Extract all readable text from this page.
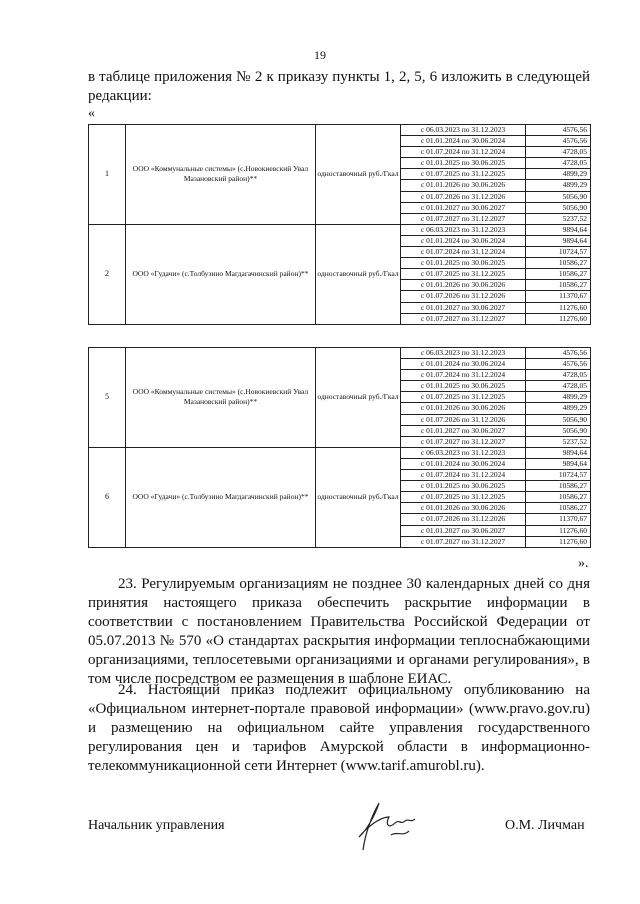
19
в таблице приложения № 2 к приказу пункты 1, 2, 5, 6 изложить в следующей редакции:
«
1	ООО «Коммунальные системы» (с.Новокиевский Увал Мазановский район)**	одноставочный руб./Гкал	с 06.03.2023 по 31.12.2023	4576,56
			с 01.01.2024 по 30.06.2024	4576,56
			с 01.07.2024 по 31.12.2024	4728,05
			с 01.01.2025 по 30.06.2025	4728,05
			с 01.07.2025 по 31.12.2025	4899,29
			с 01.01.2026 по 30.06.2026	4899,29
			с 01.07.2026 по 31.12.2026	5056,90
			с 01.01.2027 по 30.06.2027	5056,90
			с 01.07.2027 по 31.12.2027	5237,52
2	ООО «Гудачи» (с.Толбузино Магдагачинский район)**	одноставочный руб./Гкал	с 06.03.2023 по 31.12.2023	9894,64
			с 01.01.2024 по 30.06.2024	9894,64
			с 01.07.2024 по 31.12.2024	10724,57
			с 01.01.2025 по 30.06.2025	10586,27
			с 01.07.2025 по 31.12.2025	10586,27
			с 01.01.2026 по 30.06.2026	10586,27
			с 01.07.2026 по 31.12.2026	11370,67
			с 01.01.2027 по 30.06.2027	11276,60
			с 01.07.2027 по 31.12.2027	11276,60
5	ООО «Коммунальные системы» (с.Новокиевский Увал Мазановский район)**	одноставочный руб./Гкал	с 06.03.2023 по 31.12.2023	4576,56
			с 01.01.2024 по 30.06.2024	4576,56
			с 01.07.2024 по 31.12.2024	4728,05
			с 01.01.2025 по 30.06.2025	4728,05
			с 01.07.2025 по 31.12.2025	4899,29
			с 01.01.2026 по 30.06.2026	4899,29
			с 01.07.2026 по 31.12.2026	5056,90
			с 01.01.2027 по 30.06.2027	5056,90
			с 01.07.2027 по 31.12.2027	5237,52
6	ООО «Гудачи» (с.Толбузино Магдагачинский район)**	одноставочный руб./Гкал	с 06.03.2023 по 31.12.2023	9894,64
			с 01.01.2024 по 30.06.2024	9894,64
			с 01.07.2024 по 31.12.2024	10724,57
			с 01.01.2025 по 30.06.2025	10586,27
			с 01.07.2025 по 31.12.2025	10586,27
			с 01.01.2026 по 30.06.2026	10586,27
			с 01.07.2026 по 31.12.2026	11370,67
			с 01.01.2027 по 30.06.2027	11276,60
			с 01.07.2027 по 31.12.2027	11276,60
».
23. Регулируемым организациям не позднее 30 календарных дней со дня принятия настоящего приказа обеспечить раскрытие информации в соответствии с постановлением Правительства Российской Федерации от 05.07.2013 № 570 «О стандартах раскрытия информации теплоснабжающими организациями, теплосетевыми организациями и органами регулирования», в том числе посредством ее размещения в шаблоне ЕИАС.
24. Настоящий приказ подлежит официальному опубликованию на «Официальном интернет-портале правовой информации» (www.pravo.gov.ru) и размещению на официальном сайте управления государственного регулирования цен и тарифов Амурской области в информационно-телекоммуникационной сети Интернет (www.tarif.amurobl.ru).
Начальник управления	О.М. Личман
